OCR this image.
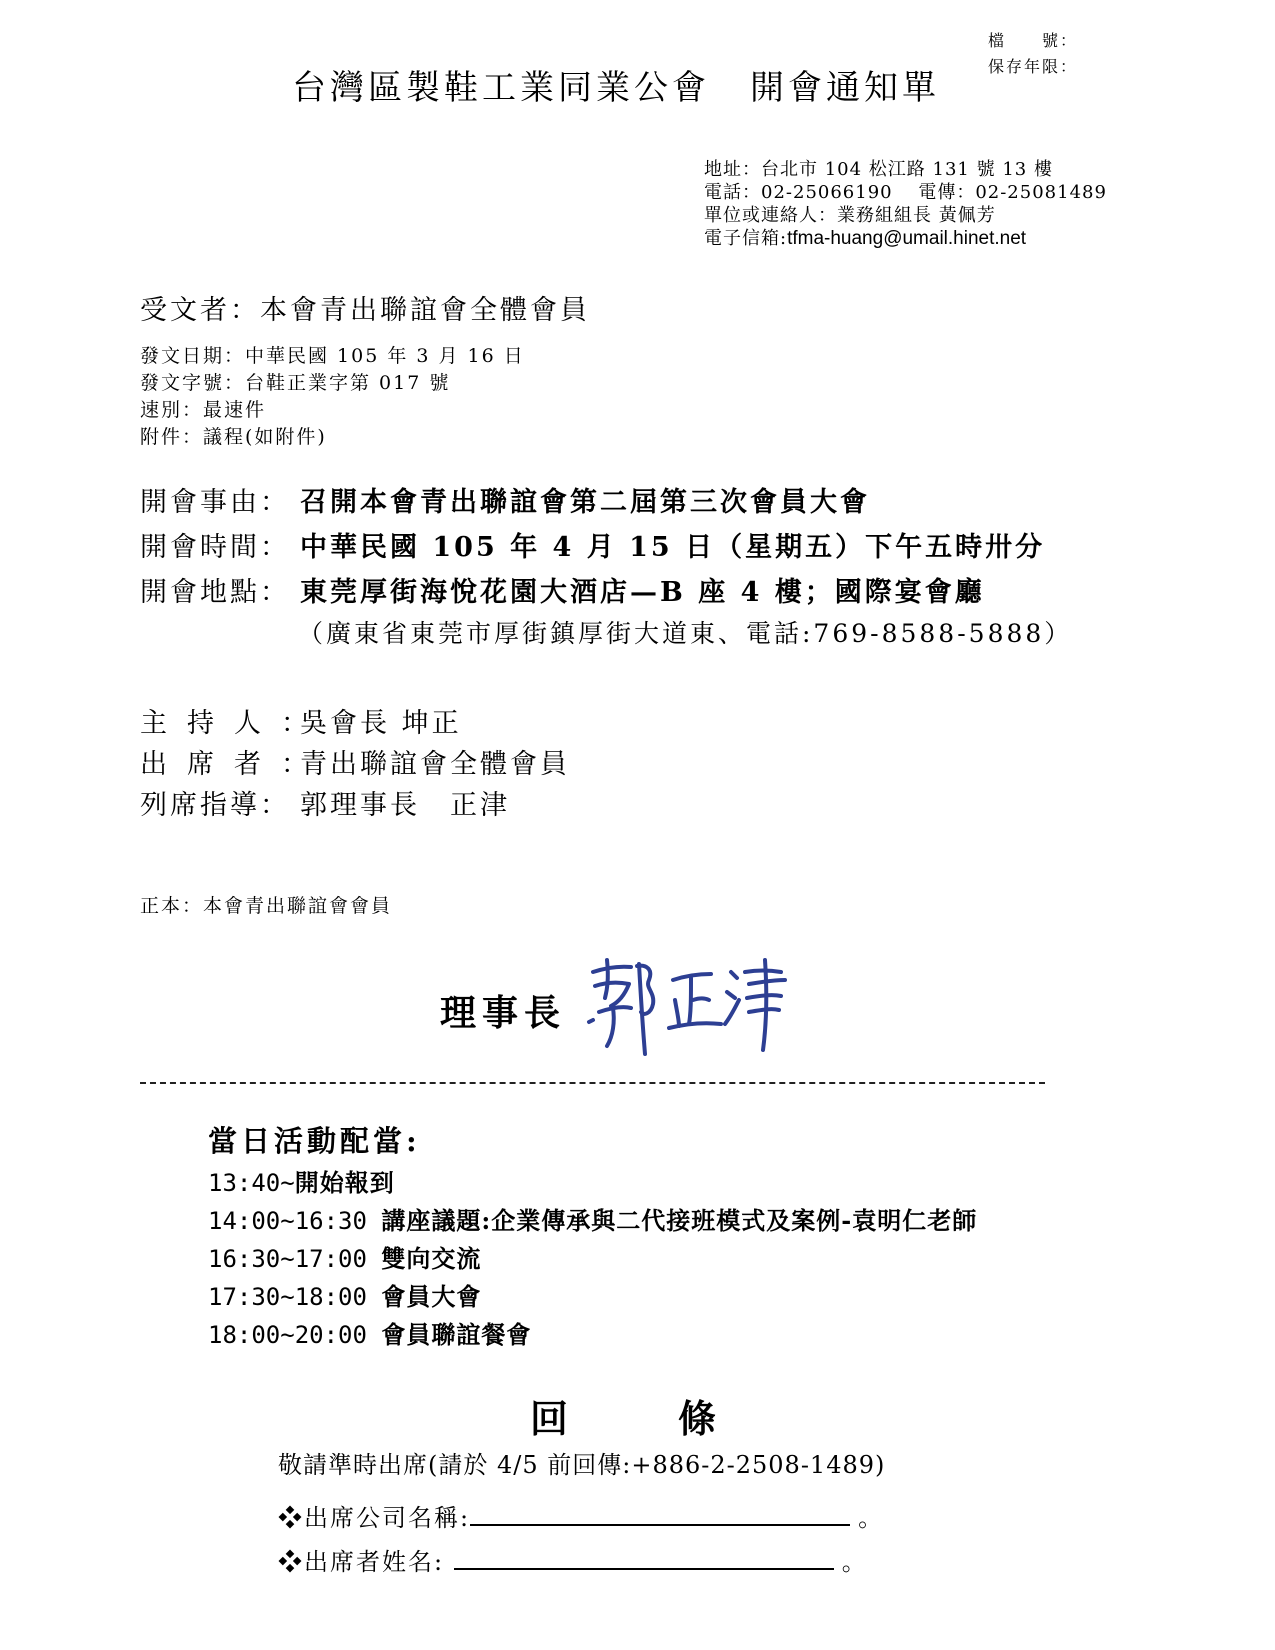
檔　　號：
保存年限：
台灣區製鞋工業同業公會 開會通知單
地址：台北市 104 松江路 131 號 13 樓
電話：02-25066190　 電傳：02-25081489
單位或連絡人：業務組組長 黃佩芳
電子信箱:tfma-huang@umail.hinet.net
受文者：本會青出聯誼會全體會員
發文日期：中華民國 105 年 3 月 16 日
發文字號：台鞋正業字第 017 號
速別：最速件
附件：議程(如附件)
開會事由： 召開本會青出聯誼會第二屆第三次會員大會
開會時間： 中華民國 105 年 4 月 15 日（星期五）下午五時卅分
開會地點： 東莞厚街海悅花園大酒店—B 座 4 樓；國際宴會廳
（廣東省東莞市厚街鎮厚街大道東、電話:769-8588-5888）
主持人：吳會長 坤正
出席者：青出聯誼會全體會員
列席指導： 郭理事長　正津
正本：本會青出聯誼會會員
理事長
當日活動配當:
13:40~開始報到
14:00~16:30 講座議題:企業傳承與二代接班模式及案例-袁明仁老師
16:30~17:00 雙向交流
17:30~18:00 會員大會
18:00~20:00 會員聯誼餐會
回	條
敬請準時出席(請於 4/5 前回傳:+886-2-2508-1489)
❖出席公司名稱:	。
❖出席者姓名:	。
